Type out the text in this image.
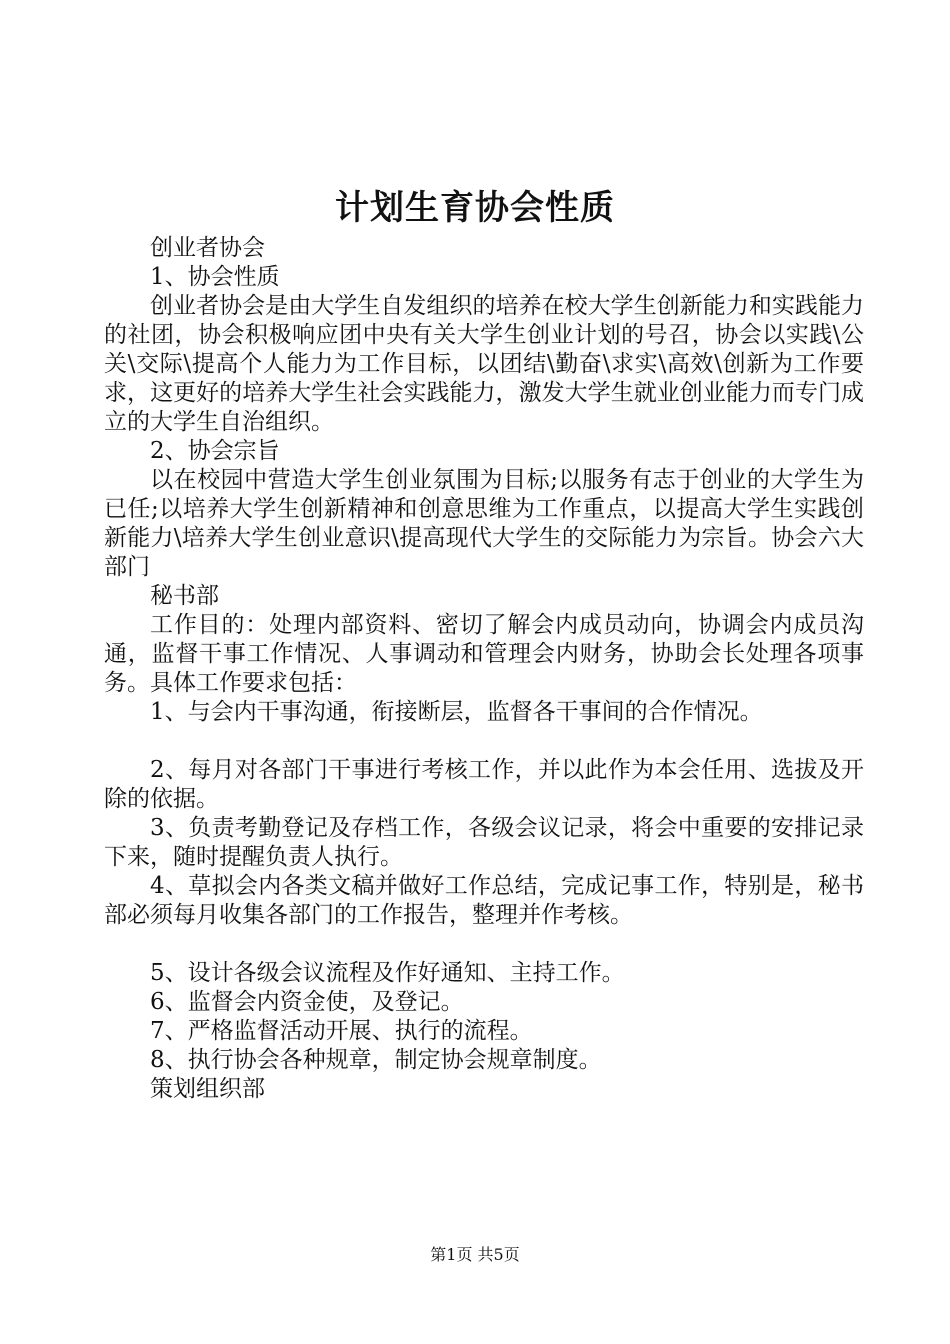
计划生育协会性质

创业者协会

1、协会性质

创业者协会是由大学生自发组织的培养在校大学生创新能力和实践能力的社团，协会积极响应团中央有关大学生创业计划的号召，协会以实践\公关\交际\提高个人能力为工作目标，以团结\勤奋\求实\高效\创新为工作要求，这更好的培养大学生社会实践能力，激发大学生就业创业能力而专门成立的大学生自治组织。

2、协会宗旨

以在校园中营造大学生创业氛围为目标;以服务有志于创业的大学生为已任;以培养大学生创新精神和创意思维为工作重点，以提高大学生实践创新能力\培养大学生创业意识\提高现代大学生的交际能力为宗旨。协会六大部门

秘书部

工作目的：处理内部资料、密切了解会内成员动向，协调会内成员沟通，监督干事工作情况、人事调动和管理会内财务，协助会长处理各项事务。具体工作要求包括：

1、与会内干事沟通，衔接断层，监督各干事间的合作情况。

2、每月对各部门干事进行考核工作，并以此作为本会任用、选拔及开除的依据。

3、负责考勤登记及存档工作，各级会议记录，将会中重要的安排记录下来，随时提醒负责人执行。

4、草拟会内各类文稿并做好工作总结，完成记事工作，特别是，秘书部必须每月收集各部门的工作报告，整理并作考核。

5、设计各级会议流程及作好通知、主持工作。

6、监督会内资金使，及登记。

7、严格监督活动开展、执行的流程。

8、执行协会各种规章，制定协会规章制度。

策划组织部

第1页 共5页
